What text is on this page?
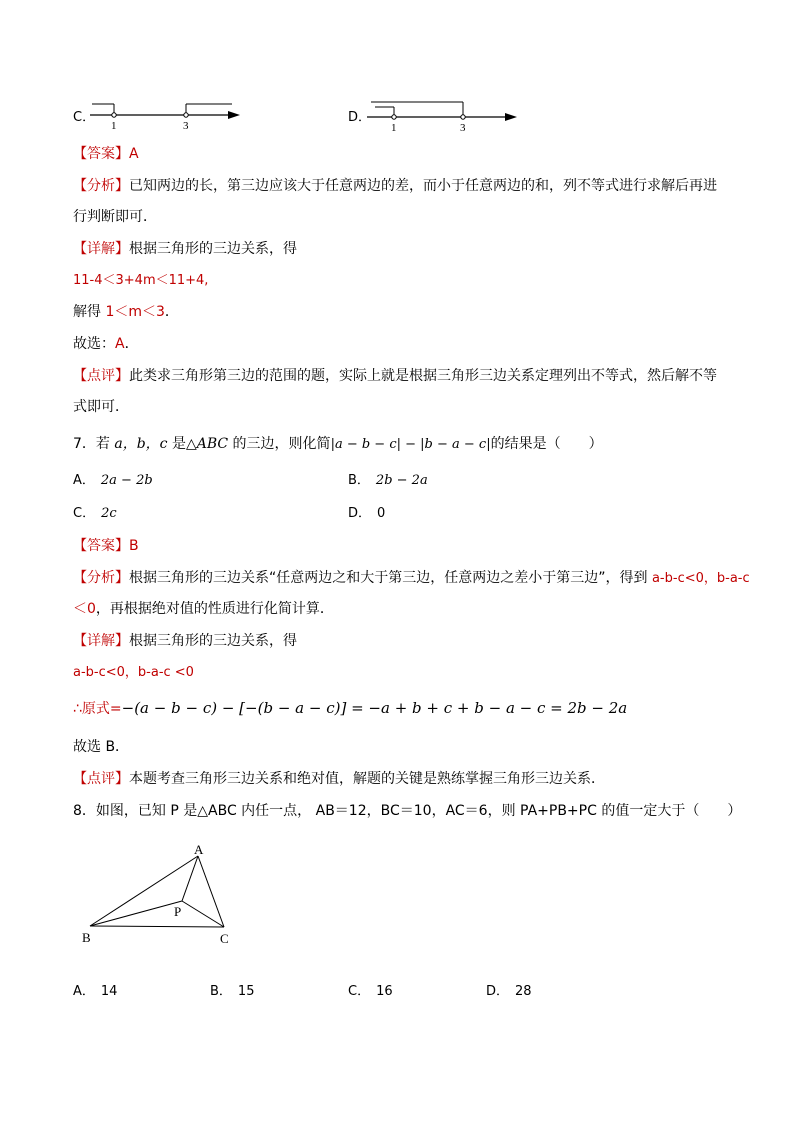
C．
1	3
D．
1	3
【答案】A
【分析】已知两边的长，第三边应该大于任意两边的差，而小于任意两边的和，列不等式进行求解后再进
行判断即可．
【详解】根据三角形的三边关系，得
11-4＜3+4m＜11+4,
解得 1＜m＜3．
故选：A．
【点评】此类求三角形第三边的范围的题，实际上就是根据三角形三边关系定理列出不等式，然后解不等
式即可．
7．若 a，b，c 是△ABC 的三边，则化简|a − b − c| − |b − a − c|的结果是（　　）
A． 2a − 2b	B． 2b − 2a
C． 2c	D． 0
【答案】B
【分析】根据三角形的三边关系“任意两边之和大于第三边，任意两边之差小于第三边”，得到 a-b-c<0，b-a-c
＜0，再根据绝对值的性质进行化简计算．
【详解】根据三角形的三边关系，得
a-b-c<0，b-a-c <0
∴原式=−(a − b − c) − [−(b − a − c)] = −a + b + c + b − a − c = 2b − 2a
故选 B．
【点评】本题考查三角形三边关系和绝对值，解题的关键是熟练掌握三角形三边关系．
8．如图，已知 P 是△ABC 内任一点， AB＝12，BC＝10，AC＝6，则 PA+PB+PC 的值一定大于（　　）
A
B	C
P
A． 14	B． 15	C． 16	D． 28
